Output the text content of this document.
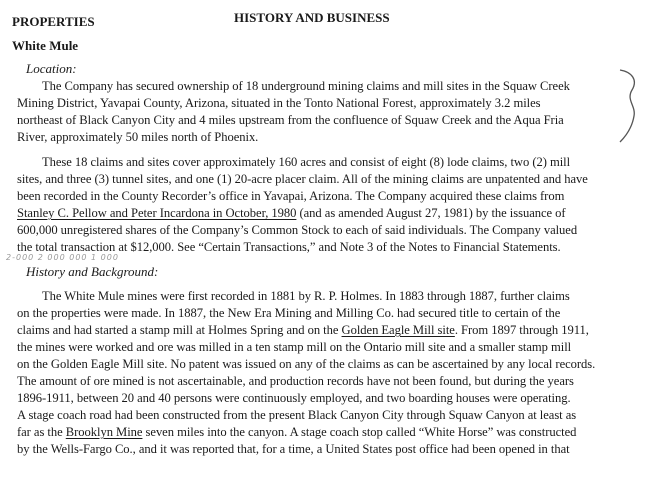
PROPERTIES	HISTORY AND BUSINESS
White Mule
Location:
The Company has secured ownership of 18 underground mining claims and mill sites in the Squaw Creek
Mining District, Yavapai County, Arizona, situated in the Tonto National Forest, approximately 3.2 miles
northeast of Black Canyon City and 4 miles upstream from the confluence of Squaw Creek and the Aqua Fria
River, approximately 50 miles north of Phoenix.
These 18 claims and sites cover approximately 160 acres and consist of eight (8) lode claims, two (2) mill
sites, and three (3) tunnel sites, and one (1) 20-acre placer claim. All of the mining claims are unpatented and have
been recorded in the County Recorder’s office in Yavapai, Arizona. The Company acquired these claims from
Stanley C. Pellow and Peter Incardona in October, 1980 (and as amended August 27, 1981) by the issuance of
600,000 unregistered shares of the Company’s Common Stock to each of said individuals. The Company valued
the total transaction at $12,000. See “Certain Transactions,” and Note 3 of the Notes to Financial Statements.
2-000 2 000 000 1 000
History and Background:
The White Mule mines were first recorded in 1881 by R. P. Holmes. In 1883 through 1887, further claims
on the properties were made. In 1887, the New Era Mining and Milling Co. had secured title to certain of the
claims and had started a stamp mill at Holmes Spring and on the Golden Eagle Mill site. From 1897 through 1911,
the mines were worked and ore was milled in a ten stamp mill on the Ontario mill site and a smaller stamp mill
on the Golden Eagle Mill site. No patent was issued on any of the claims as can be ascertained by any local records.
The amount of ore mined is not ascertainable, and production records have not been found, but during the years
1896-1911, between 20 and 40 persons were continuously employed, and two boarding houses were operating.
A stage coach road had been constructed from the present Black Canyon City through Squaw Canyon at least as
far as the Brooklyn Mine seven miles into the canyon. A stage coach stop called “White Horse” was constructed
by the Wells-Fargo Co., and it was reported that, for a time, a United States post office had been opened in that
